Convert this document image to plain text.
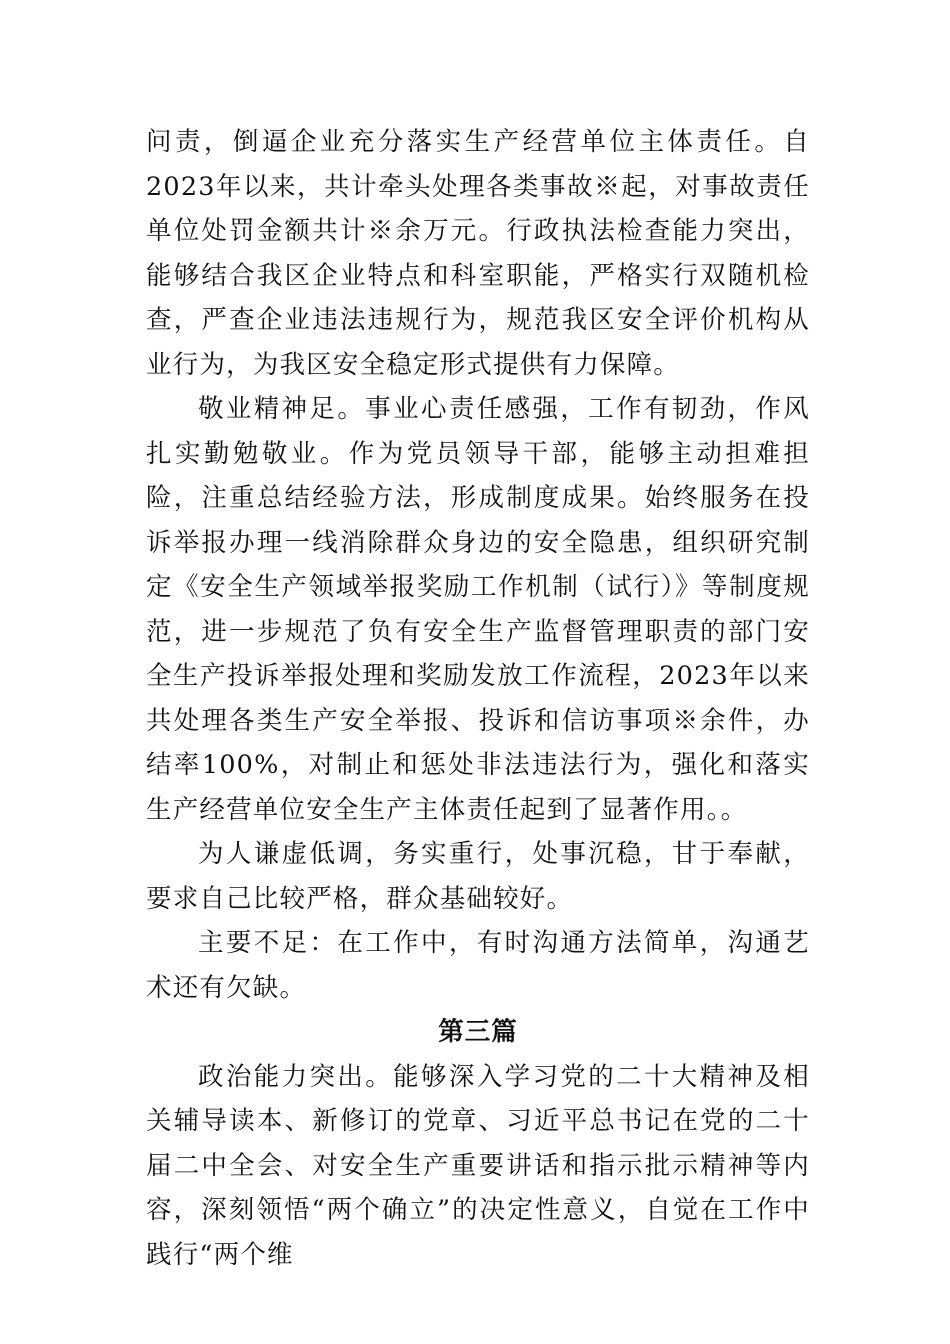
问责，倒逼企业充分落实生产经营单位主体责任。自2023年以来，共计牵头处理各类事故※起，对事故责任单位处罚金额共计※余万元。行政执法检查能力突出，能够结合我区企业特点和科室职能，严格实行双随机检查，严查企业违法违规行为，规范我区安全评价机构从业行为，为我区安全稳定形式提供有力保障。

敬业精神足。事业心责任感强，工作有韧劲，作风扎实勤勉敬业。作为党员领导干部，能够主动担难担险，注重总结经验方法，形成制度成果。始终服务在投诉举报办理一线消除群众身边的安全隐患，组织研究制定《安全生产领域举报奖励工作机制（试行）》等制度规范，进一步规范了负有安全生产监督管理职责的部门安全生产投诉举报处理和奖励发放工作流程，2023年以来共处理各类生产安全举报、投诉和信访事项※余件，办结率100%，对制止和惩处非法违法行为，强化和落实生产经营单位安全生产主体责任起到了显著作用。。

为人谦虚低调，务实重行，处事沉稳，甘于奉献，要求自己比较严格，群众基础较好。

主要不足：在工作中，有时沟通方法简单，沟通艺术还有欠缺。

第三篇

政治能力突出。能够深入学习党的二十大精神及相关辅导读本、新修订的党章、习近平总书记在党的二十届二中全会、对安全生产重要讲话和指示批示精神等内容，深刻领悟“两个确立”的决定性意义，自觉在工作中践行“两个维
